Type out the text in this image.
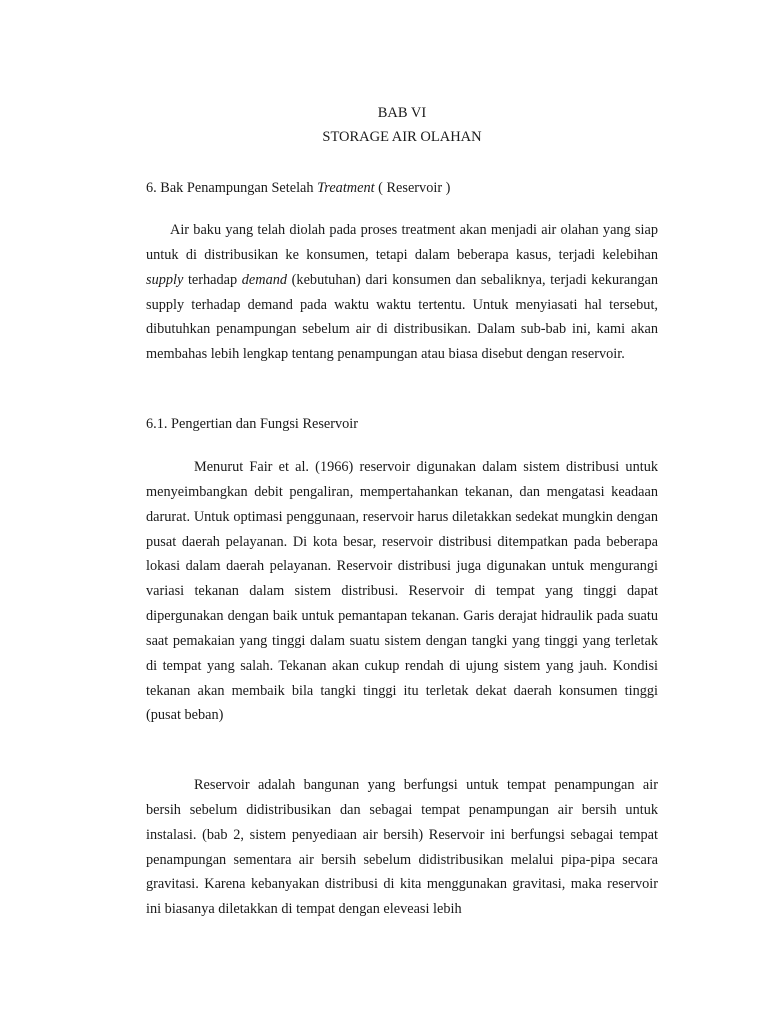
BAB VI
STORAGE AIR OLAHAN

6. Bak Penampungan Setelah Treatment ( Reservoir )

Air baku yang telah diolah pada proses treatment akan menjadi air olahan yang siap untuk di distribusikan ke konsumen, tetapi dalam beberapa kasus, terjadi kelebihan supply terhadap demand (kebutuhan) dari konsumen dan sebaliknya, terjadi kekurangan supply terhadap demand pada waktu waktu tertentu. Untuk menyiasati hal tersebut, dibutuhkan penampungan sebelum air di distribusikan. Dalam sub-bab ini, kami akan membahas lebih lengkap tentang penampungan atau biasa disebut dengan reservoir.

6.1. Pengertian dan Fungsi Reservoir

Menurut Fair et al. (1966) reservoir digunakan dalam sistem distribusi untuk menyeimbangkan debit pengaliran, mempertahankan tekanan, dan mengatasi keadaan darurat. Untuk optimasi penggunaan, reservoir harus diletakkan sedekat mungkin dengan pusat daerah pelayanan. Di kota besar, reservoir distribusi ditempatkan pada beberapa lokasi dalam daerah pelayanan. Reservoir distribusi juga digunakan untuk mengurangi variasi tekanan dalam sistem distribusi. Reservoir di tempat yang tinggi dapat dipergunakan dengan baik untuk pemantapan tekanan. Garis derajat hidraulik pada suatu saat pemakaian yang tinggi dalam suatu sistem dengan tangki yang tinggi yang terletak di tempat yang salah. Tekanan akan cukup rendah di ujung sistem yang jauh. Kondisi tekanan akan membaik bila tangki tinggi itu terletak dekat daerah konsumen tinggi (pusat beban)

Reservoir adalah bangunan yang berfungsi untuk tempat penampungan air bersih sebelum didistribusikan dan sebagai tempat penampungan air bersih untuk instalasi. (bab 2, sistem penyediaan air bersih) Reservoir ini berfungsi sebagai tempat penampungan sementara air bersih sebelum didistribusikan melalui pipa-pipa secara gravitasi. Karena kebanyakan distribusi di kita menggunakan gravitasi, maka reservoir ini biasanya diletakkan di tempat dengan eleveasi lebih
